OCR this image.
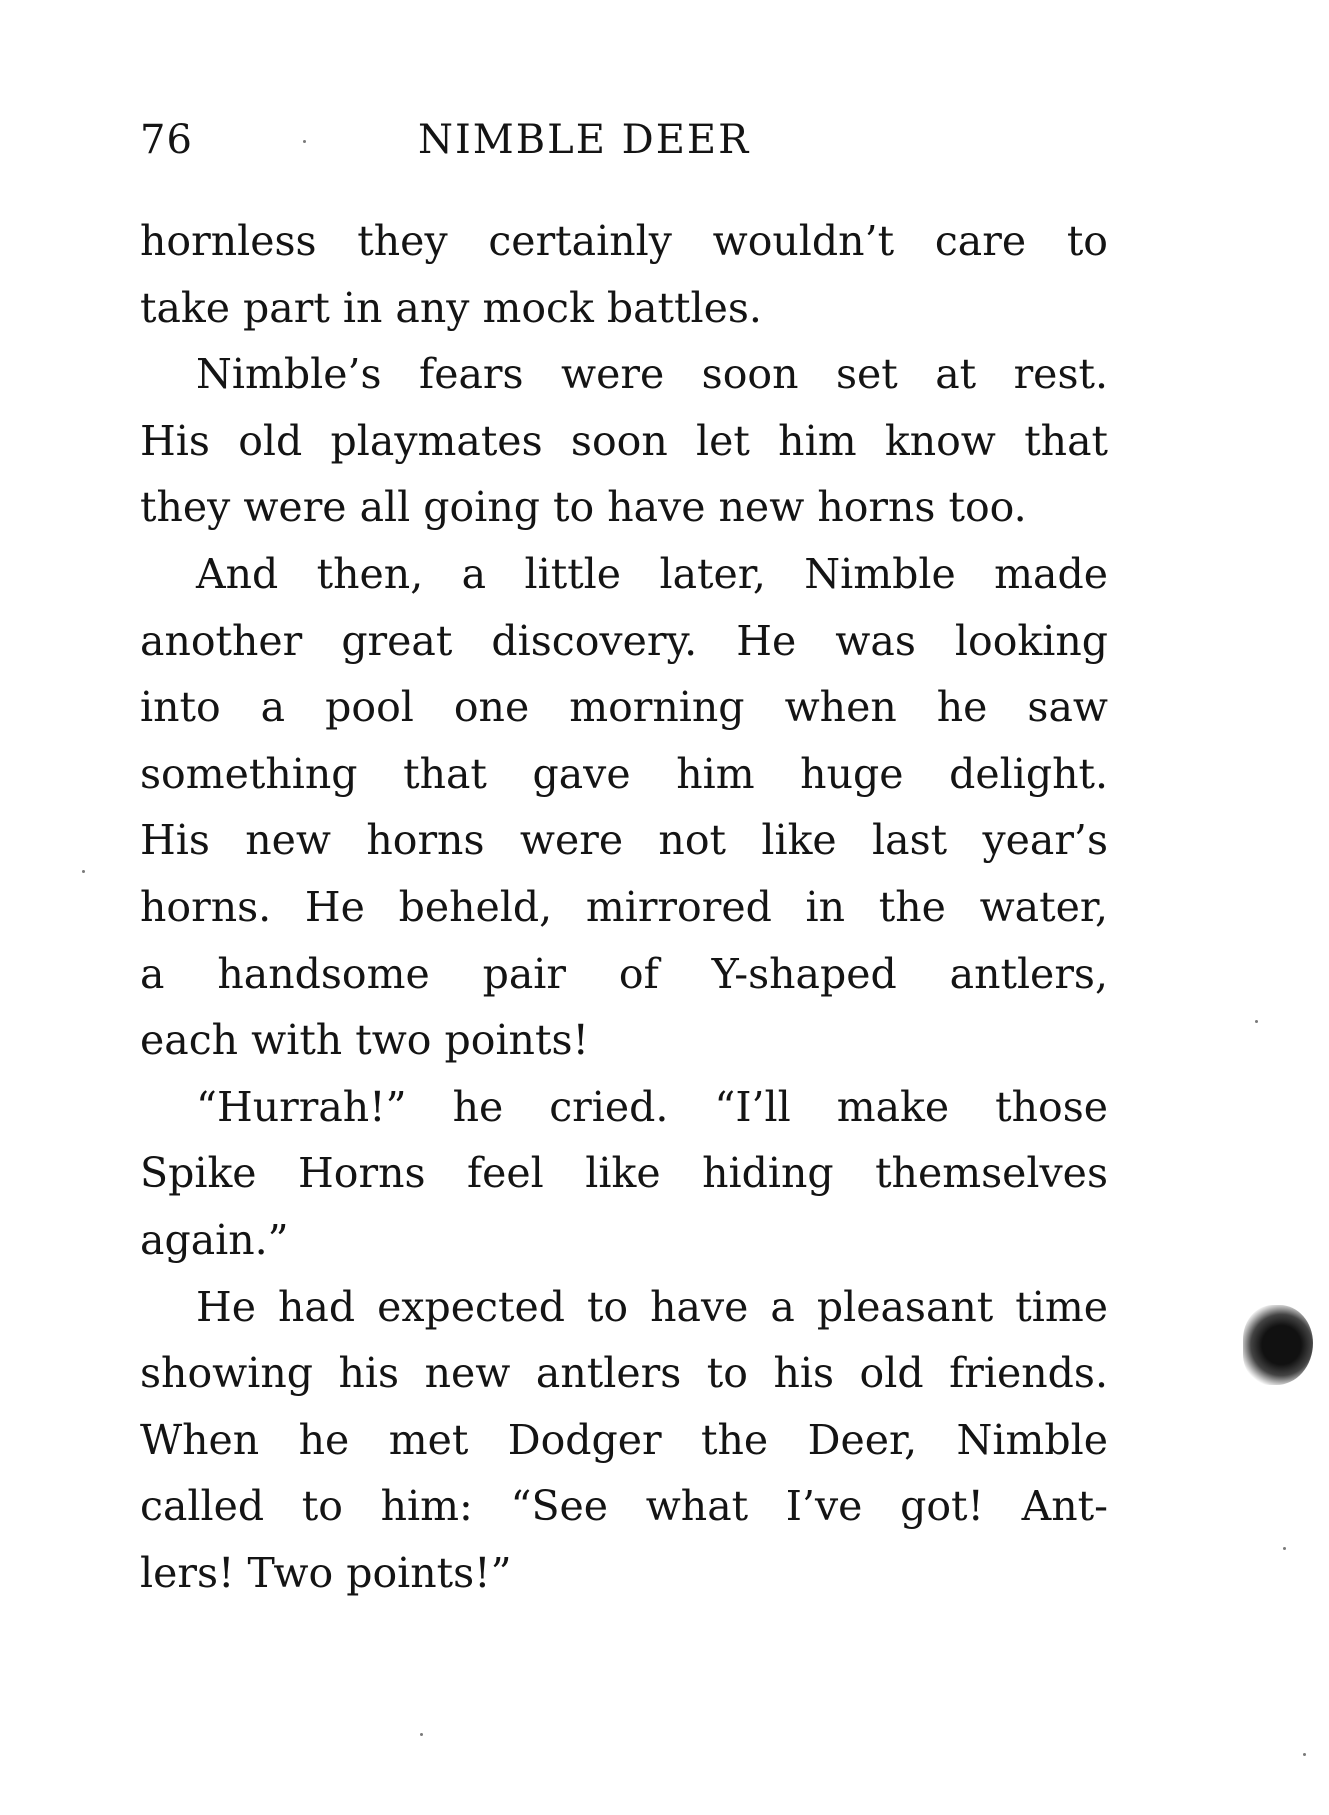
76	NIMBLE DEER
hornless they certainly wouldn’t care to
take part in any mock battles.
Nimble’s fears were soon set at rest.
His old playmates soon let him know that
they were all going to have new horns too.
And then, a little later, Nimble made
another great discovery. He was looking
into a pool one morning when he saw
something that gave him huge delight.
His new horns were not like last year’s
horns. He beheld, mirrored in the water,
a handsome pair of Y-shaped antlers,
each with two points!
“Hurrah!” he cried. “I’ll make those
Spike Horns feel like hiding themselves
again.”
He had expected to have a pleasant time
showing his new antlers to his old friends.
When he met Dodger the Deer, Nimble
called to him: “See what I’ve got! Ant-
lers! Two points!”
